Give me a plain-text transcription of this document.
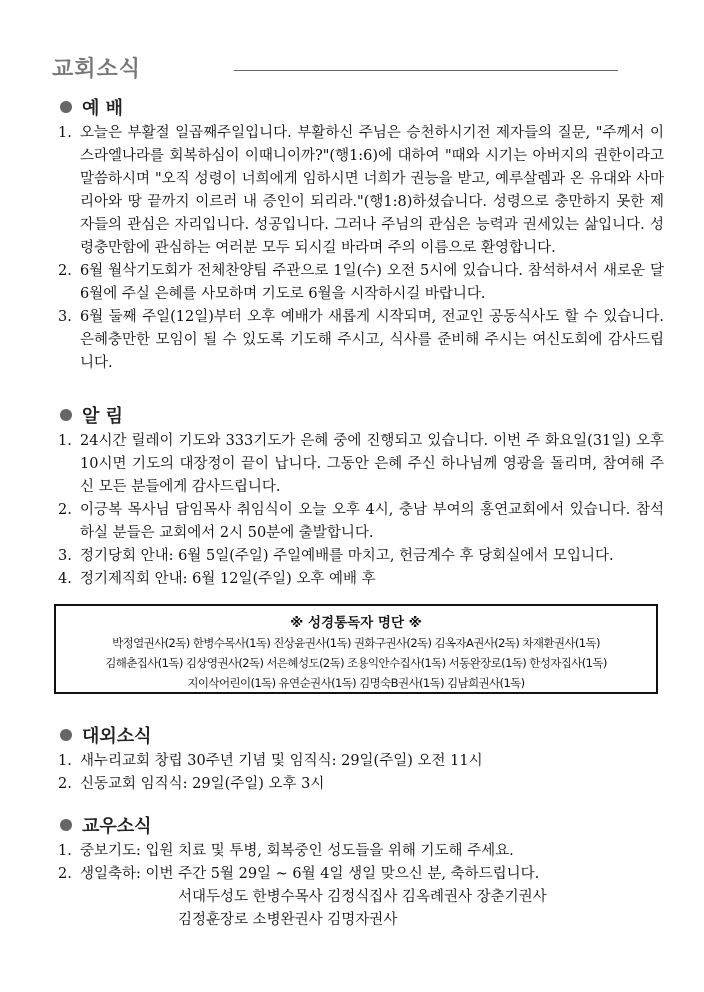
교회소식
예 배
1. 오늘은 부활절 일곱째주일입니다. 부활하신 주님은 승천하시기전 제자들의 질문, "주께서 이스라엘나라를 회복하심이 이때니이까?"(행1:6)에 대하여 "때와 시기는 아버지의 권한이라고 말씀하시며 "오직 성령이 너희에게 임하시면 너희가 권능을 받고, 예루살렘과 온 유대와 사마리아와 땅 끝까지 이르러 내 증인이 되리라."(행1:8)하셨습니다. 성령으로 충만하지 못한 제자들의 관심은 자리입니다. 성공입니다. 그러나 주님의 관심은 능력과 권세있는 삶입니다. 성령충만함에 관심하는 여러분 모두 되시길 바라며 주의 이름으로 환영합니다.
2. 6월 월삭기도회가 전체찬양팀 주관으로 1일(수) 오전 5시에 있습니다. 참석하셔서 새로운 달 6월에 주실 은혜를 사모하며 기도로 6월을 시작하시길 바랍니다.
3. 6월 둘째 주일(12일)부터 오후 예배가 새롭게 시작되며, 전교인 공동식사도 할 수 있습니다. 은혜충만한 모임이 될 수 있도록 기도해 주시고, 식사를 준비해 주시는 여신도회에 감사드립니다.
알 림
1. 24시간 릴레이 기도와 333기도가 은혜 중에 진행되고 있습니다. 이번 주 화요일(31일) 오후 10시면 기도의 대장정이 끝이 납니다. 그동안 은혜 주신 하나님께 영광을 돌리며, 참여해 주신 모든 분들에게 감사드립니다.
2. 이긍복 목사님 담임목사 취임식이 오늘 오후 4시, 충남 부여의 홍연교회에서 있습니다. 참석하실 분들은 교회에서 2시 50분에 출발합니다.
3. 정기당회 안내: 6월 5일(주일) 주일예배를 마치고, 헌금계수 후 당회실에서 모입니다.
4. 정기제직회 안내: 6월 12일(주일) 오후 예배 후
※ 성경통독자 명단 ※
박정열권사(2독) 한병수목사(1독) 진상윤권사(1독) 권화구권사(2독) 김옥자A권사(2독) 차재환권사(1독)
김해춘집사(1독) 김상영권사(2독) 서은혜성도(2독) 조용익안수집사(1독) 서동완장로(1독) 한성자집사(1독)
지이삭어린이(1독) 유연순권사(1독) 김명숙B권사(1독) 김남희권사(1독)
대외소식
1. 새누리교회 창립 30주년 기념 및 임직식: 29일(주일) 오전 11시
2. 신동교회 임직식: 29일(주일) 오후 3시
교우소식
1. 중보기도: 입원 치료 및 투병, 회복중인 성도들을 위해 기도해 주세요.
2. 생일축하: 이번 주간 5월 29일 ~ 6월 4일 생일 맞으신 분, 축하드립니다.
서대두성도 한병수목사 김정식집사 김옥례권사 장춘기권사
김정훈장로 소병완권사 김명자권사
